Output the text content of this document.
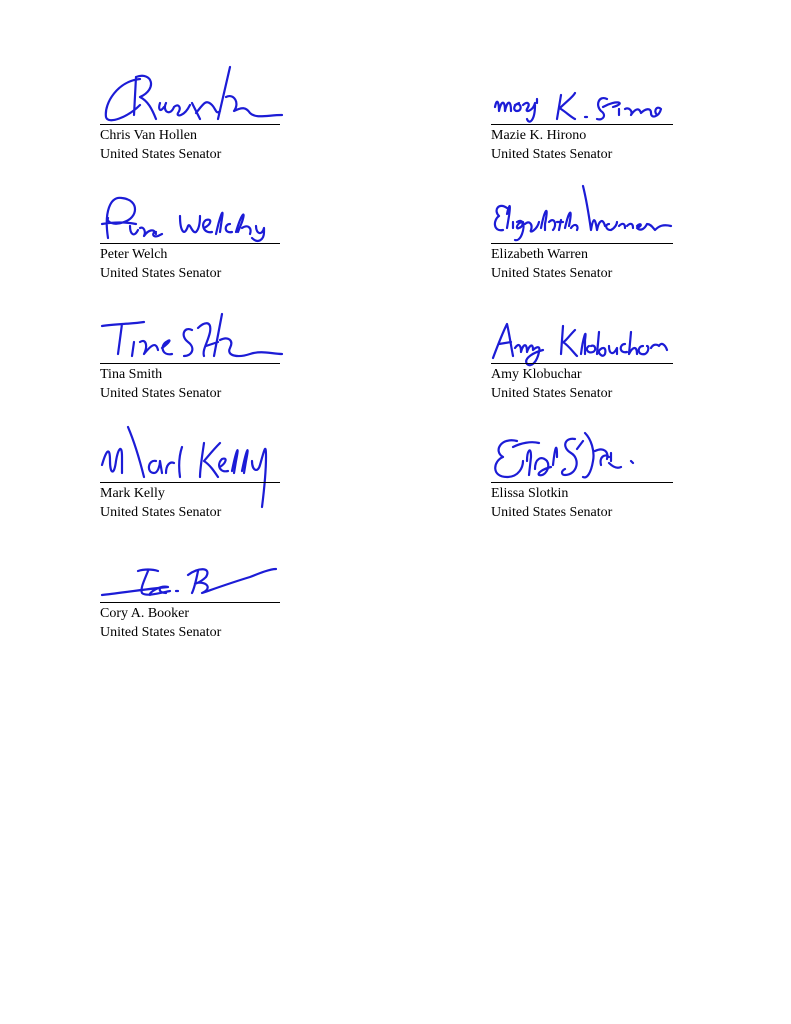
Chris Van Hollen
United States Senator
Mazie K. Hirono
United States Senator
Peter Welch
United States Senator
Elizabeth Warren
United States Senator
Tina Smith
United States Senator
Amy Klobuchar
United States Senator
Mark Kelly
United States Senator
Elissa Slotkin
United States Senator
Cory A. Booker
United States Senator
